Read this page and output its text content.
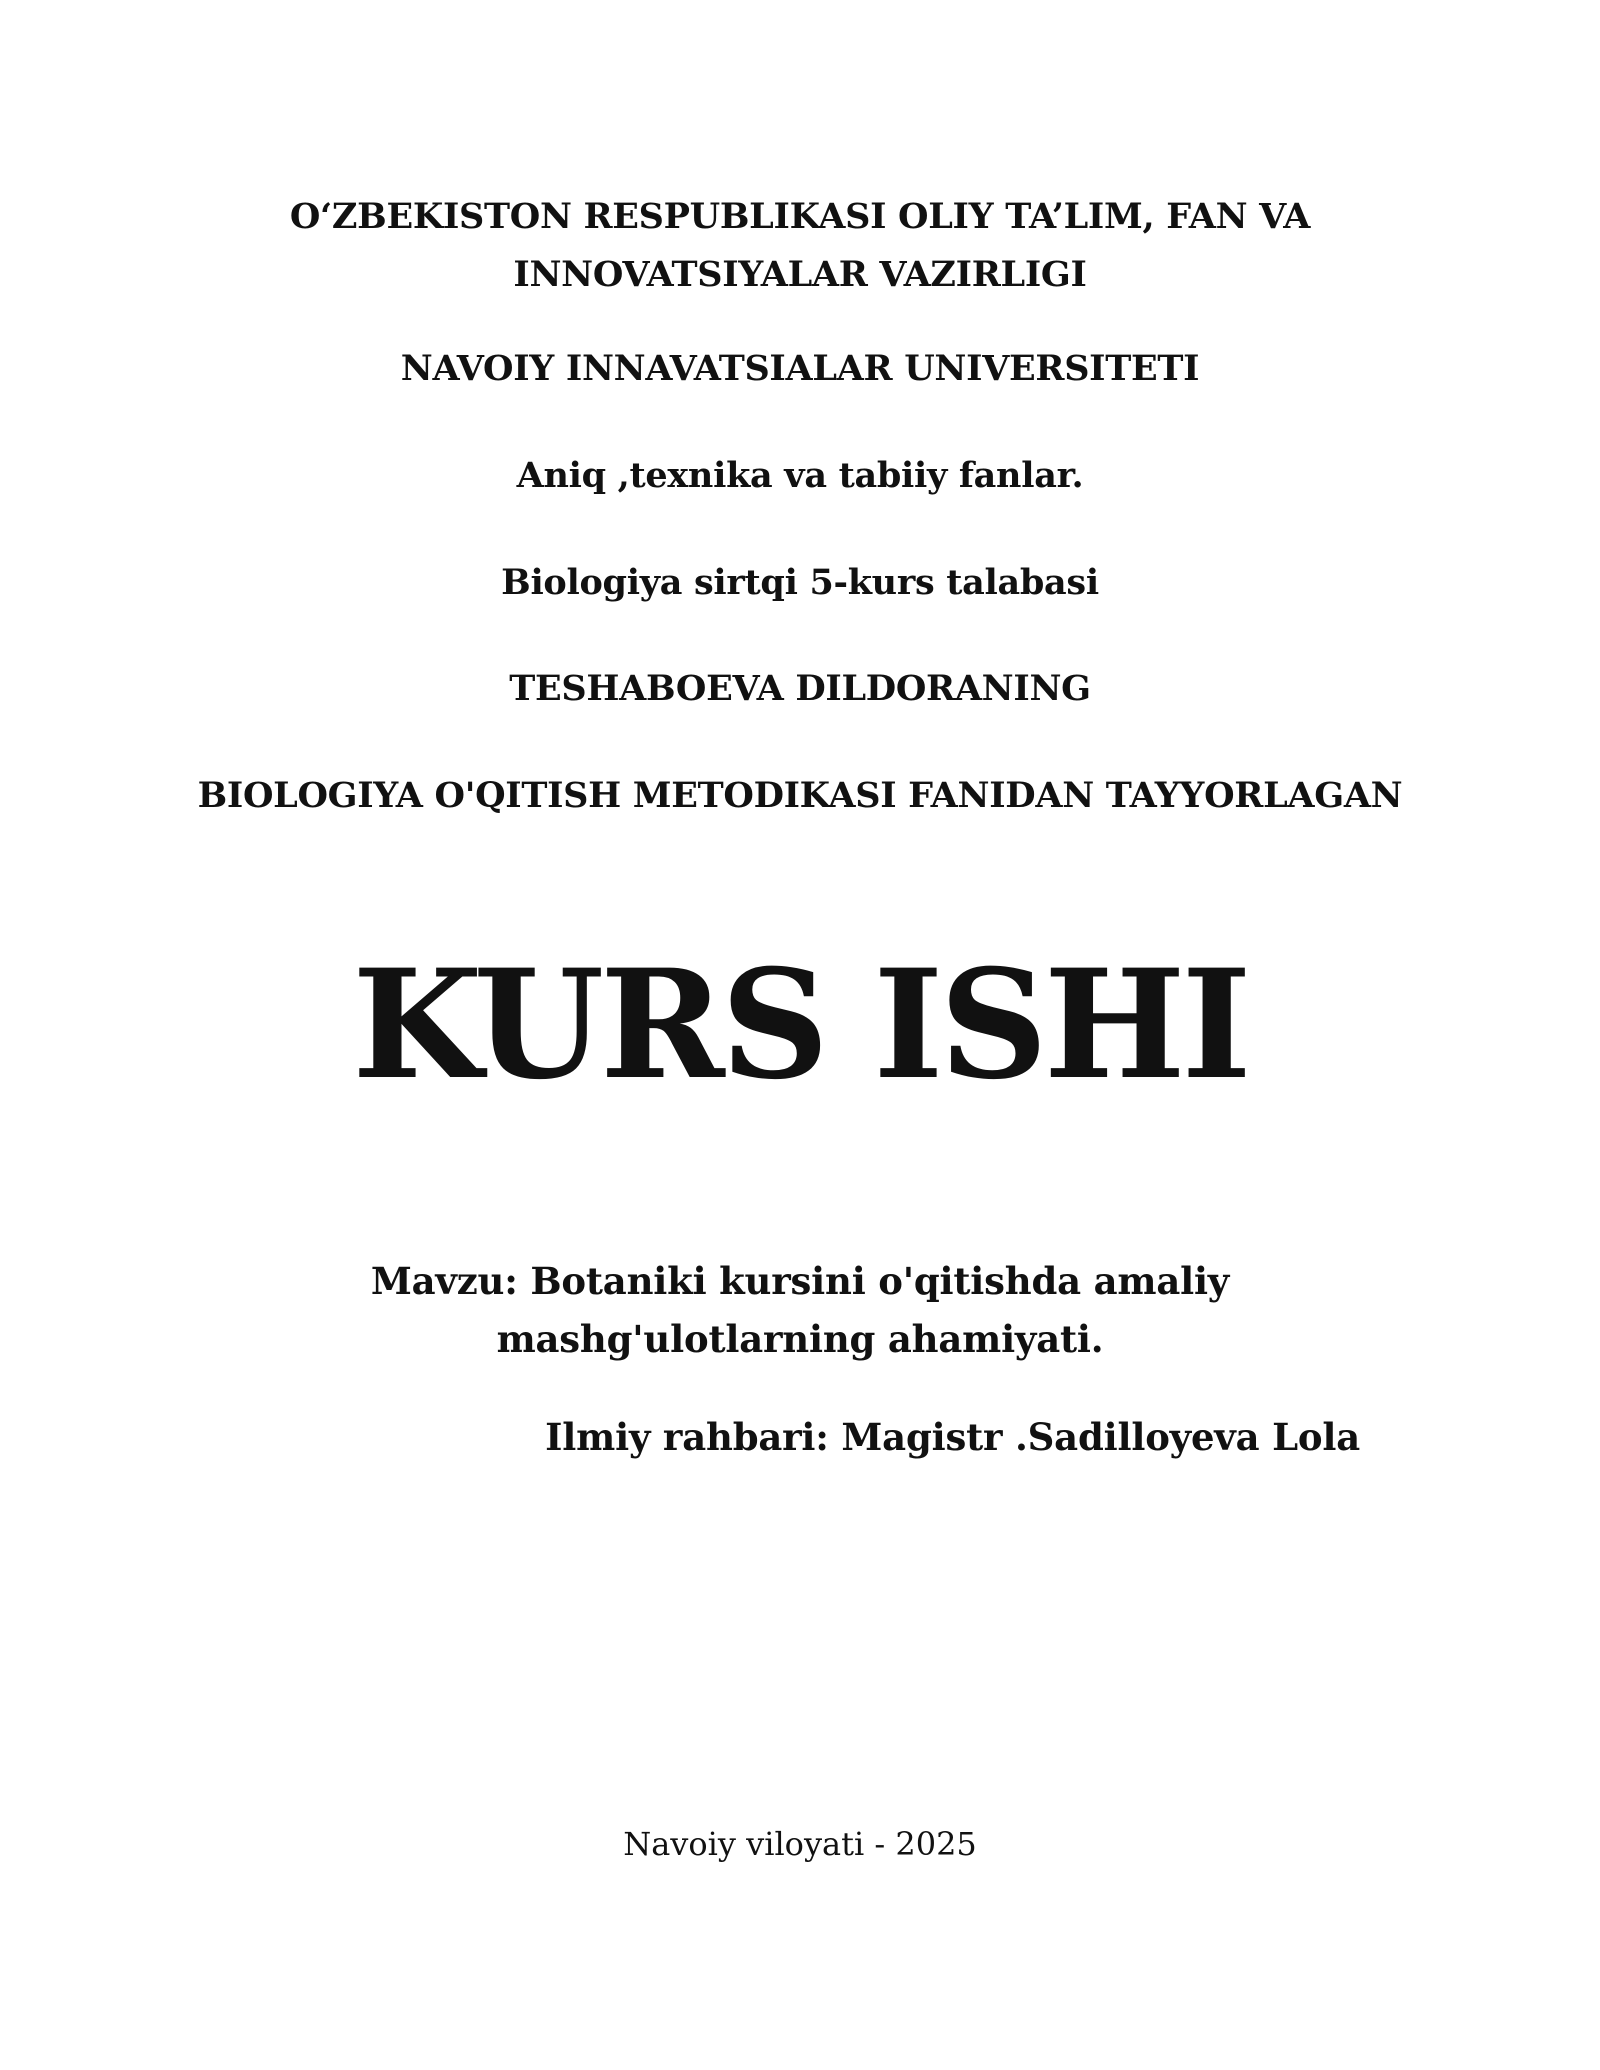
O‘ZBEKISTON RESPUBLIKASI OLIY TA’LIM, FAN VA
INNOVATSIYALAR VAZIRLIGI
NAVOIY INNAVATSIALAR UNIVERSITETI
Aniq ,texnika va tabiiy fanlar.
Biologiya sirtqi 5-kurs talabasi
TESHABOEVA DILDORANING
BIOLOGIYA O'QITISH METODIKASI FANIDAN TAYYORLAGAN
KURS ISHI
Mavzu: Botaniki kursini o'qitishda amaliy
mashg'ulotlarning ahamiyati.
Ilmiy rahbari: Magistr .Sadilloyeva Lola
Navoiy viloyati - 2025
